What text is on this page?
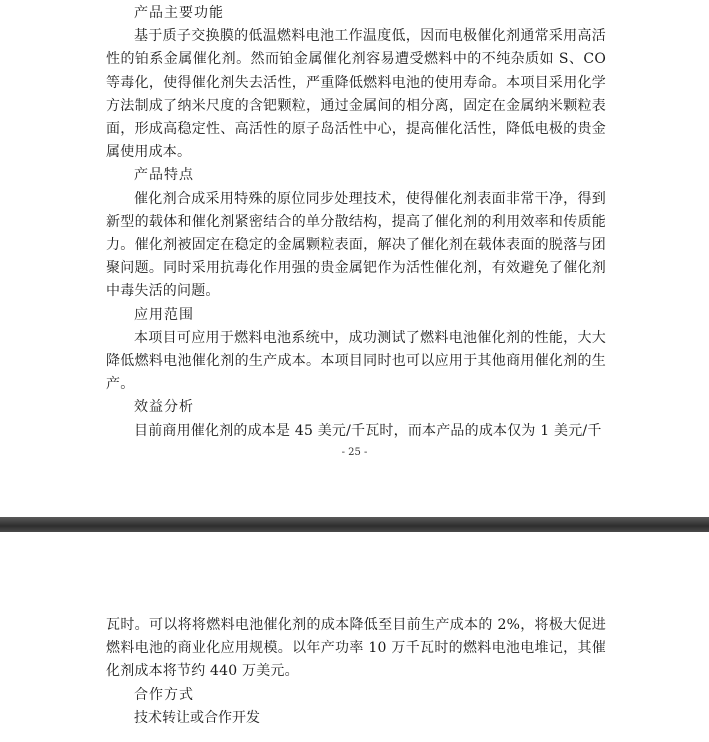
产品主要功能

基于质子交换膜的低温燃料电池工作温度低，因而电极催化剂通常采用高活性的铂系金属催化剂。然而铂金属催化剂容易遭受燃料中的不纯杂质如 S、CO 等毒化，使得催化剂失去活性，严重降低燃料电池的使用寿命。本项目采用化学方法制成了纳米尺度的含钯颗粒，通过金属间的相分离，固定在金属纳米颗粒表面，形成高稳定性、高活性的原子岛活性中心，提高催化活性，降低电极的贵金属使用成本。

产品特点

催化剂合成采用特殊的原位同步处理技术，使得催化剂表面非常干净，得到新型的载体和催化剂紧密结合的单分散结构，提高了催化剂的利用效率和传质能力。催化剂被固定在稳定的金属颗粒表面，解决了催化剂在载体表面的脱落与团聚问题。同时采用抗毒化作用强的贵金属钯作为活性催化剂，有效避免了催化剂中毒失活的问题。

应用范围

本项目可应用于燃料电池系统中，成功测试了燃料电池催化剂的性能，大大降低燃料电池催化剂的生产成本。本项目同时也可以应用于其他商用催化剂的生产。

效益分析

目前商用催化剂的成本是 45 美元/千瓦时，而本产品的成本仅为 1 美元/千

- 25 -

瓦时。可以将将燃料电池催化剂的成本降低至目前生产成本的 2%，将极大促进燃料电池的商业化应用规模。以年产功率 10 万千瓦时的燃料电池电堆记，其催化剂成本将节约 440 万美元。

合作方式

技术转让或合作开发
